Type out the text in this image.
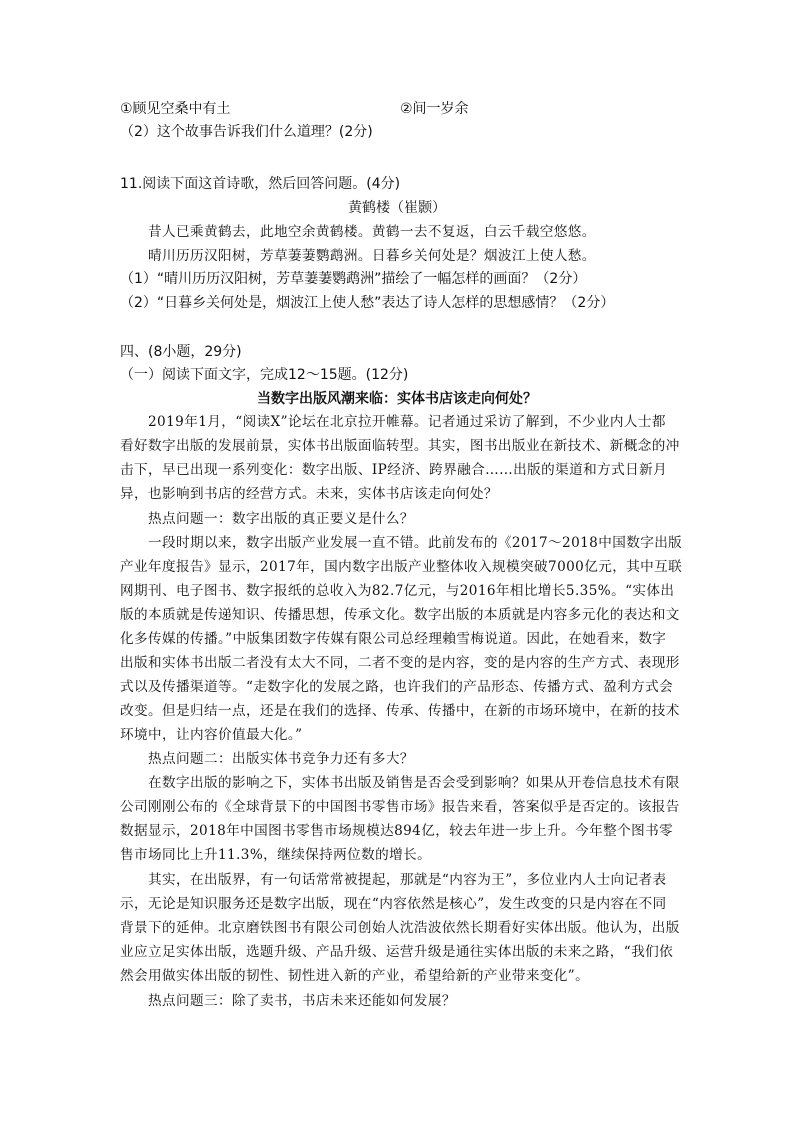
①顾见空桑中有土	②间一岁余
（2）这个故事告诉我们什么道理？(2分)
11.阅读下面这首诗歌，然后回答问题。(4分)
黄鹤楼（崔颢）
昔人已乘黄鹤去，此地空余黄鹤楼。黄鹤一去不复返，白云千载空悠悠。
晴川历历汉阳树，芳草萋萋鹦鹉洲。日暮乡关何处是？烟波江上使人愁。
（1）“晴川历历汉阳树，芳草萋萋鹦鹉洲”描绘了一幅怎样的画面？（2分）
（2）“日暮乡关何处是，烟波江上使人愁”表达了诗人怎样的思想感情？（2分）
四、(8小题，29分)
（一）阅读下面文字，完成12～15题。(12分)
当数字出版风潮来临：实体书店该走向何处？
2019年1月，“阅读X”论坛在北京拉开帷幕。记者通过采访了解到，不少业内人士都
看好数字出版的发展前景，实体书出版面临转型。其实，图书出版业在新技术、新概念的冲
击下，早已出现一系列变化：数字出版、IP经济、跨界融合……出版的渠道和方式日新月
异，也影响到书店的经营方式。未来，实体书店该走向何处？
热点问题一：数字出版的真正要义是什么？
一段时期以来，数字出版产业发展一直不错。此前发布的《2017～2018中国数字出版
产业年度报告》显示，2017年，国内数字出版产业整体收入规模突破7000亿元，其中互联
网期刊、电子图书、数字报纸的总收入为82.7亿元，与2016年相比增长5.35%。“实体出
版的本质就是传递知识、传播思想，传承文化。数字出版的本质就是内容多元化的表达和文
化多传媒的传播。”中版集团数字传媒有限公司总经理賴雪梅说道。因此，在她看来，数字
出版和实体书出版二者没有太大不同，二者不变的是内容，变的是内容的生产方式、表现形
式以及传播渠道等。“走数字化的发展之路，也许我们的产品形态、传播方式、盈利方式会
改变。但是归结一点，还是在我们的选择、传承、传播中，在新的市场环境中，在新的技术
环境中，让内容价值最大化。”
热点问题二：出版实体书竞争力还有多大？
在数字出版的影响之下，实体书出版及销售是否会受到影响？如果从开卷信息技术有限
公司刚刚公布的《全球背景下的中国图书零售市场》报告来看，答案似乎是否定的。该报告
数据显示，2018年中国图书零售市场规模达894亿，较去年进一步上升。今年整个图书零
售市场同比上升11.3%，继续保持两位数的增长。
其实，在出版界，有一句话常常被提起，那就是“内容为王”，多位业内人士向记者表
示，无论是知识服务还是数字出版，现在“内容依然是核心”，发生改变的只是内容在不同
背景下的延伸。北京磨铁图书有限公司创始人沈浩波依然长期看好实体出版。他认为，出版
业应立足实体出版，选题升级、产品升级、运营升级是通往实体出版的未来之路，“我们依
然会用做实体出版的韧性、韧性进入新的产业，希望给新的产业带来变化”。
热点问题三：除了卖书，书店未来还能如何发展？
